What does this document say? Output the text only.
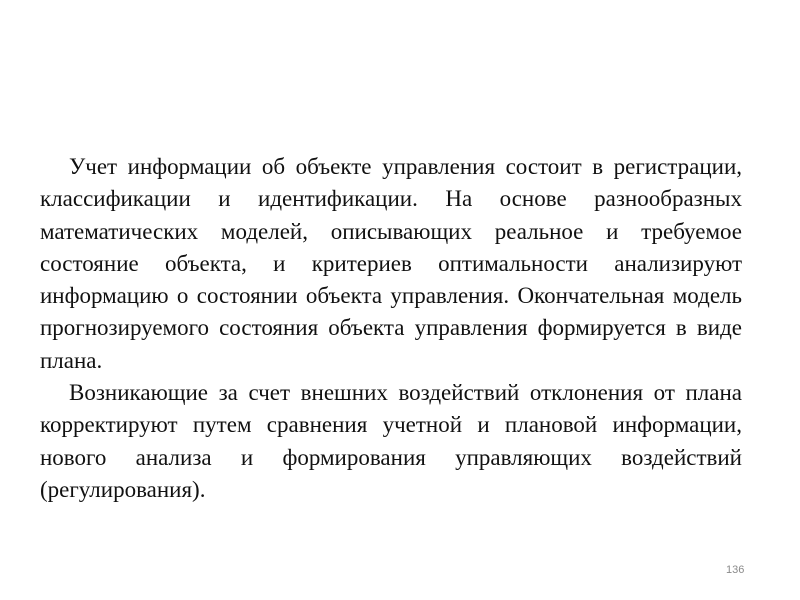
Учет информации об объекте управления состоит в регистрации, классификации и идентификации. На основе разнообразных математических моделей, описывающих реальное и требуемое состояние объекта, и критериев оптимальности анализируют информацию о состоянии объекта управления. Окончательная модель прогнозируемого состояния объекта управления формируется в виде плана.

Возникающие за счет внешних воздействий отклонения от плана корректируют путем сравнения учетной и плановой информации, нового анализа и формирования управляющих воздействий (регулирования).

136
